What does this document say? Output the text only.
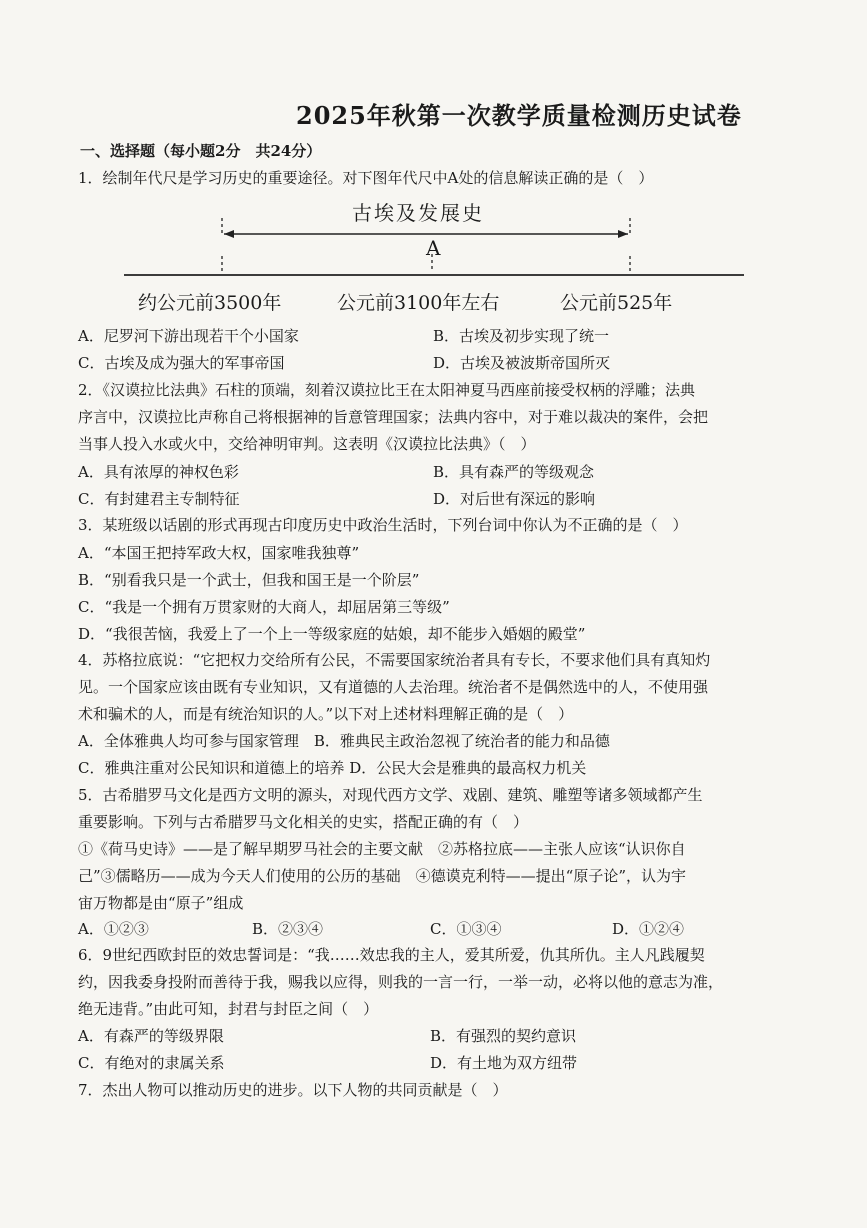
2025年秋第一次教学质量检测历史试卷
一、选择题（每小题2分　共24分）
1．绘制年代尺是学习历史的重要途径。对下图年代尺中A处的信息解读正确的是（　）
古埃及发展史
A
约公元前3500年	公元前3100年左右	公元前525年
A．尼罗河下游出现若干个小国家	B．古埃及初步实现了统一
C．古埃及成为强大的军事帝国	D．古埃及被波斯帝国所灭
2．《汉谟拉比法典》石柱的顶端，刻着汉谟拉比王在太阳神夏马西座前接受权柄的浮雕；法典
序言中，汉谟拉比声称自己将根据神的旨意管理国家；法典内容中，对于难以裁决的案件，会把
当事人投入水或火中，交给神明审判。这表明《汉谟拉比法典》（　）
A．具有浓厚的神权色彩	B．具有森严的等级观念
C．有封建君主专制特征	D．对后世有深远的影响
3．某班级以话剧的形式再现古印度历史中政治生活时，下列台词中你认为不正确的是（　）
A．“本国王把持军政大权，国家唯我独尊”
B．“别看我只是一个武士，但我和国王是一个阶层”
C．“我是一个拥有万贯家财的大商人，却屈居第三等级”
D．“我很苦恼，我爱上了一个上一等级家庭的姑娘，却不能步入婚姻的殿堂”
4．苏格拉底说：“它把权力交给所有公民，不需要国家统治者具有专长，不要求他们具有真知灼
见。一个国家应该由既有专业知识，又有道德的人去治理。统治者不是偶然选中的人，不使用强
术和骗术的人，而是有统治知识的人。”以下对上述材料理解正确的是（　）
A．全体雅典人均可参与国家管理　B．雅典民主政治忽视了统治者的能力和品德
C．雅典注重对公民知识和道德上的培养 D．公民大会是雅典的最高权力机关
5．古希腊罗马文化是西方文明的源头，对现代西方文学、戏剧、建筑、雕塑等诸多领域都产生
重要影响。下列与古希腊罗马文化相关的史实，搭配正确的有（　）
①《荷马史诗》——是了解早期罗马社会的主要文献　②苏格拉底——主张人应该“认识你自
己”③儒略历——成为今天人们使用的公历的基础　④德谟克利特——提出“原子论”，认为宇
宙万物都是由“原子”组成
A．①②③	B．②③④	C．①③④	D．①②④
6．9世纪西欧封臣的效忠誓词是：“我……效忠我的主人，爱其所爱，仇其所仇。主人凡践履契
约，因我委身投附而善待于我，赐我以应得，则我的一言一行，一举一动，必将以他的意志为准，
绝无违背。”由此可知，封君与封臣之间（　）
A．有森严的等级界限	B．有强烈的契约意识
C．有绝对的隶属关系	D．有土地为双方纽带
7．杰出人物可以推动历史的进步。以下人物的共同贡献是（　）
